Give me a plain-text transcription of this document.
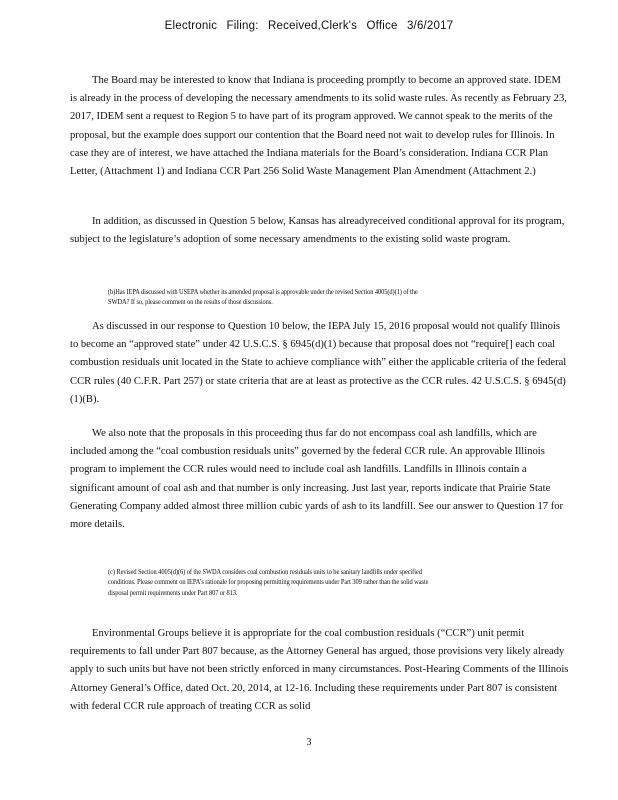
Electronic Filing: Received,Clerk's Office 3/6/2017

The Board may be interested to know that Indiana is proceeding promptly to become an approved state. IDEM is already in the process of developing the necessary amendments to its solid waste rules. As recently as February 23, 2017, IDEM sent a request to Region 5 to have part of its program approved. We cannot speak to the merits of the proposal, but the example does support our contention that the Board need not wait to develop rules for Illinois. In case they are of interest, we have attached the Indiana materials for the Board’s consideration. Indiana CCR Plan Letter, (Attachment 1) and Indiana CCR Part 256 Solid Waste Management Plan Amendment (Attachment 2.)

In addition, as discussed in Question 5 below, Kansas has alreadyreceived conditional approval for its program, subject to the legislature’s adoption of some necessary amendments to the existing solid waste program.

(b)Has IEPA discussed with USEPA whether its amended proposal is approvable under the revised Section 4005(d)(1) of the SWDA? If so, please comment on the results of those discussions.

As discussed in our response to Question 10 below, the IEPA July 15, 2016 proposal would not qualify Illinois to become an “approved state” under 42 U.S.C.S. § 6945(d)(1) because that proposal does not “require[] each coal combustion residuals unit located in the State to achieve compliance with” either the applicable criteria of the federal CCR rules (40 C.F.R. Part 257) or state criteria that are at least as protective as the CCR rules. 42 U.S.C.S. § 6945(d)(1)(B).

We also note that the proposals in this proceeding thus far do not encompass coal ash landfills, which are included among the “coal combustion residuals units” governed by the federal CCR rule. An approvable Illinois program to implement the CCR rules would need to include coal ash landfills. Landfills in Illinois contain a significant amount of coal ash and that number is only increasing. Just last year, reports indicate that Prairie State Generating Company added almost three million cubic yards of ash to its landfill. See our answer to Question 17 for more details.

(c) Revised Section 4005(d)(6) of the SWDA considers coal combustion residuals units to be sanitary landfills under specified conditions. Please comment on IEPA’s rationale for proposing permitting requirements under Part 309 rather than the solid waste disposal permit requirements under Part 807 or 813.

Environmental Groups believe it is appropriate for the coal combustion residuals (“CCR”) unit permit requirements to fall under Part 807 because, as the Attorney General has argued, those provisions very likely already apply to such units but have not been strictly enforced in many circumstances. Post-Hearing Comments of the Illinois Attorney General’s Office, dated Oct. 20, 2014, at 12-16. Including these requirements under Part 807 is consistent with federal CCR rule approach of treating CCR as solid

3
